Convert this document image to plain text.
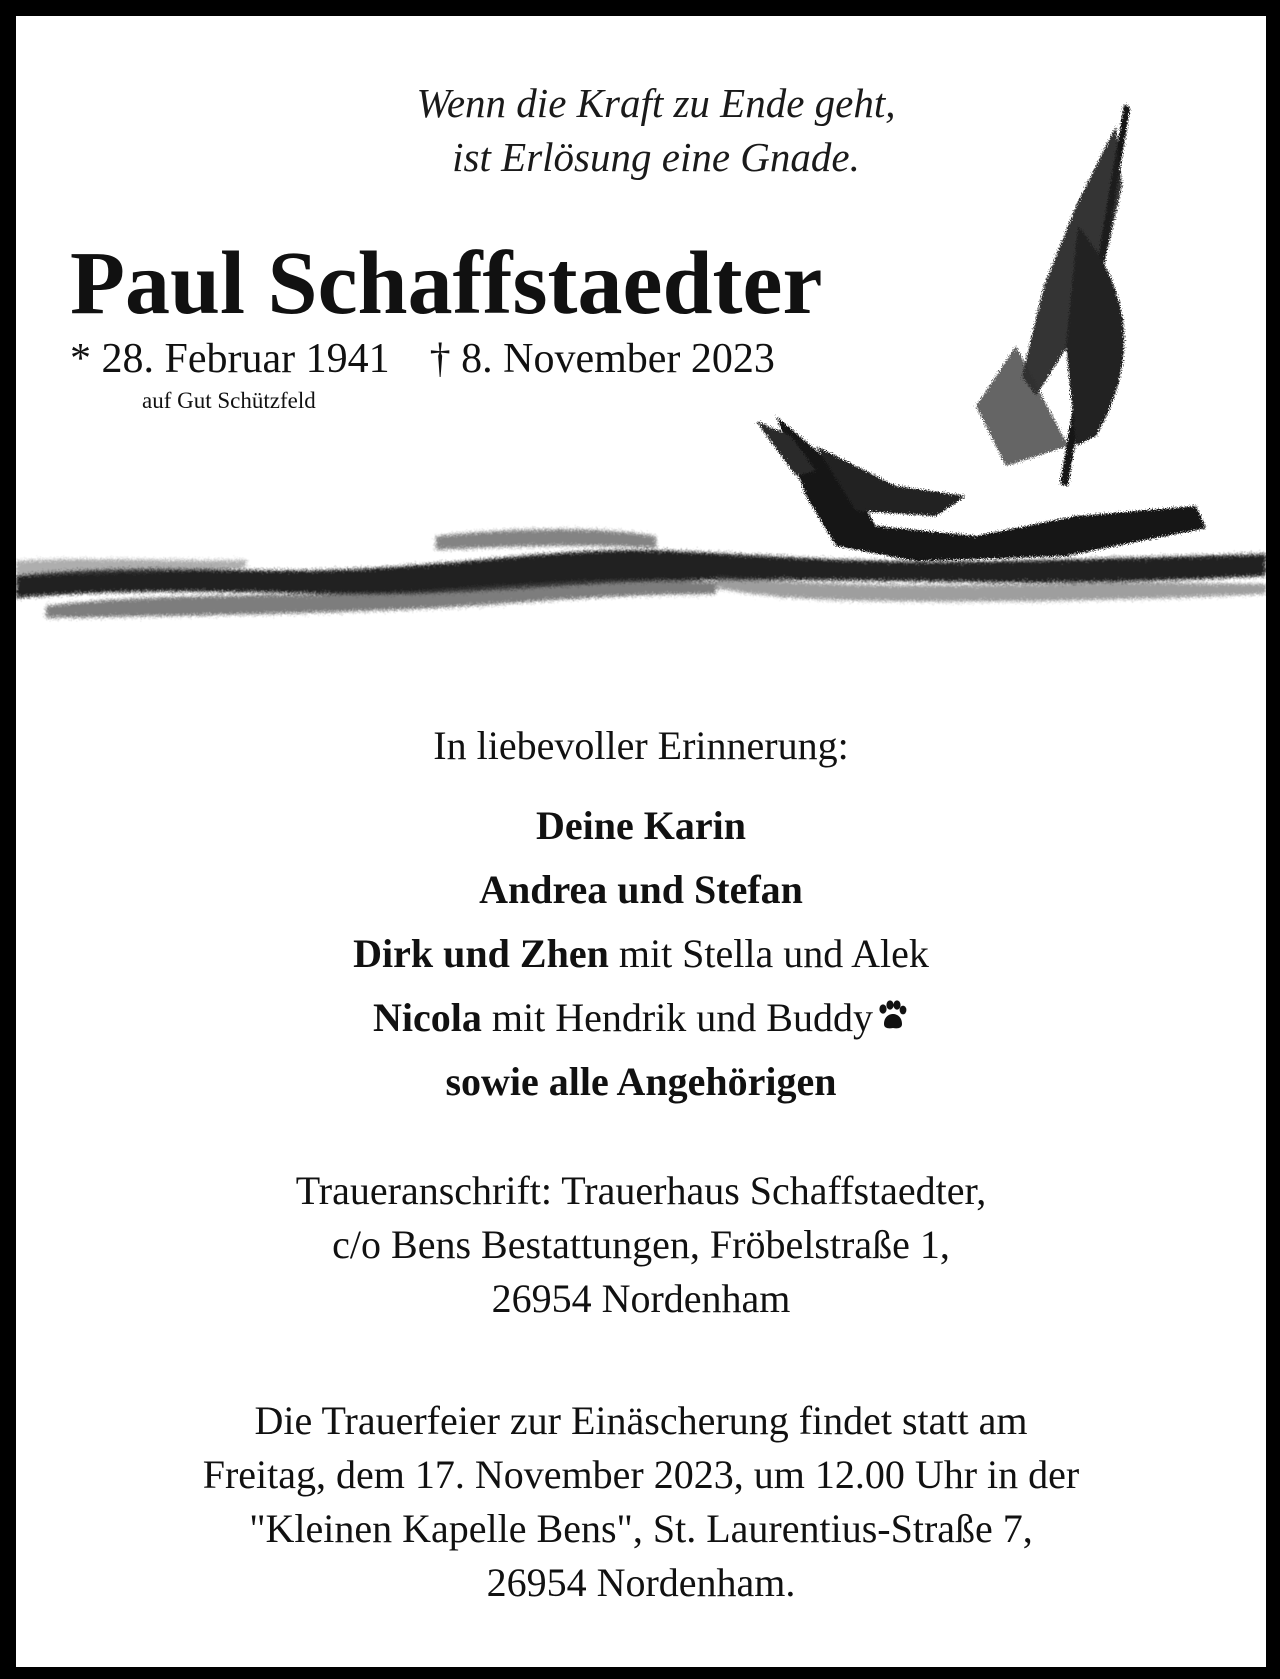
Wenn die Kraft zu Ende geht,
ist Erlösung eine Gnade.
Paul Schaffstaedter
* 28. Februar 1941 † 8. November 2023
auf Gut Schützfeld
In liebevoller Erinnerung:
Deine Karin
Andrea und Stefan
Dirk und Zhen mit Stella und Alek
Nicola mit Hendrik und Buddy
sowie alle Angehörigen
Traueranschrift: Trauerhaus Schaffstaedter,
c/o Bens Bestattungen, Fröbelstraße 1,
26954 Nordenham
Die Trauerfeier zur Einäscherung findet statt am
Freitag, dem 17. November 2023, um 12.00 Uhr in der
"Kleinen Kapelle Bens", St. Laurentius-Straße 7,
26954 Nordenham.
